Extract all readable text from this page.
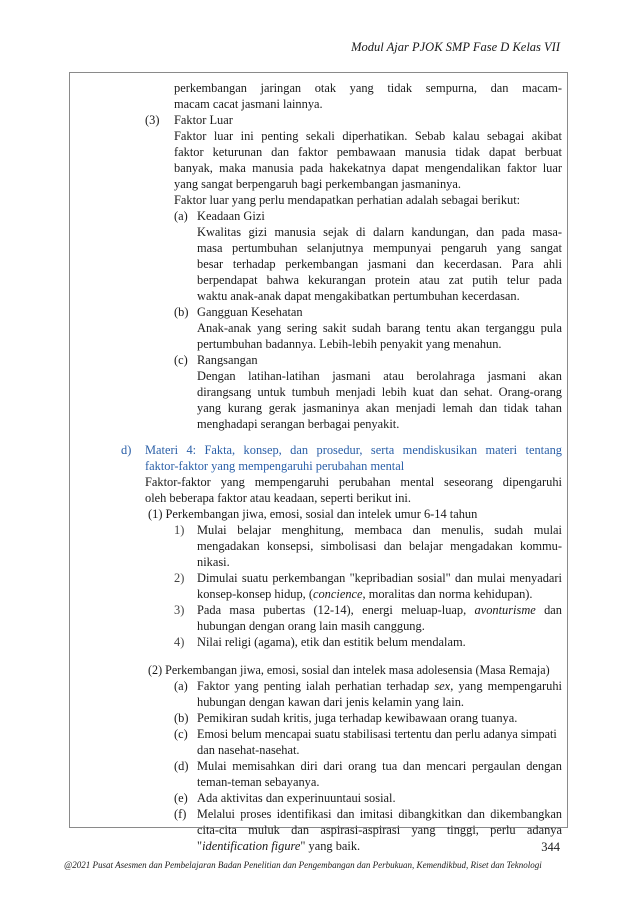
Modul Ajar PJOK SMP Fase D Kelas VII
perkembangan jaringan otak yang tidak sempurna, dan macam-
macam cacat jasmani lainnya.
(3) Faktor Luar
Faktor luar ini penting sekali diperhatikan. Sebab kalau sebagai akibat
faktor keturunan dan faktor pembawaan manusia tidak dapat berbuat
banyak, maka manusia pada hakekatnya dapat mengendalikan faktor luar
yang sangat berpengaruh bagi perkembangan jasmaninya.
Faktor luar yang perlu mendapatkan perhatian adalah sebagai berikut:
(a) Keadaan Gizi
Kwalitas gizi manusia sejak di dalarn kandungan, dan pada masa-
masa pertumbuhan selanjutnya mempunyai pengaruh yang sangat
besar terhadap perkembangan jasmani dan kecerdasan. Para ahli
berpendapat bahwa kekurangan protein atau zat putih telur pada
waktu anak-anak dapat mengakibatkan pertumbuhan kecerdasan.
(b) Gangguan Kesehatan
Anak-anak yang sering sakit sudah barang tentu akan terganggu pula
pertumbuhan badannya. Lebih-lebih penyakit yang menahun.
(c) Rangsangan
Dengan latihan-latihan jasmani atau berolahraga jasmani akan
dirangsang untuk tumbuh menjadi lebih kuat dan sehat. Orang-orang
yang kurang gerak jasmaninya akan menjadi lemah dan tidak tahan
menghadapi serangan berbagai penyakit.
d) Materi 4: Fakta, konsep, dan prosedur, serta mendiskusikan materi tentang
faktor-faktor yang mempengaruhi perubahan mental
Faktor-faktor yang mempengaruhi perubahan mental seseorang dipengaruhi
oleh beberapa faktor atau keadaan, seperti berikut ini.
(1) Perkembangan jiwa, emosi, sosial dan intelek umur 6-14 tahun
1) Mulai belajar menghitung, membaca dan menulis, sudah mulai
mengadakan konsepsi, simbolisasi dan belajar mengadakan kommu-
nikasi.
2) Dimulai suatu perkembangan "kepribadian sosial" dan mulai menyadari
konsep-konsep hidup, (concience, moralitas dan norma kehidupan).
3) Pada masa pubertas (12-14), energi meluap-luap, avonturisme dan
hubungan dengan orang lain masih canggung.
4) Nilai religi (agama), etik dan estitik belum mendalam.
(2) Perkembangan jiwa, emosi, sosial dan intelek masa adolesensia (Masa Remaja)
(a) Faktor yang penting ialah perhatian terhadap sex, yang mempengaruhi
hubungan dengan kawan dari jenis kelamin yang lain.
(b) Pemikiran sudah kritis, juga terhadap kewibawaan orang tuanya.
(c) Emosi belum mencapai suatu stabilisasi tertentu dan perlu adanya simpati
dan nasehat-nasehat.
(d) Mulai memisahkan diri dari orang tua dan mencari pergaulan dengan
teman-teman sebayanya.
(e) Ada aktivitas dan experinuuntaui sosial.
(f) Melalui proses identifikasi dan imitasi dibangkitkan dan dikembangkan
cita-cita muluk dan aspirasi-aspirasi yang tinggi, perlu adanya
"identification figure" yang baik.	344
@2021 Pusat Asesmen dan Pembelajaran Badan Penelitian dan Pengembangan dan Perbukuan, Kemendikbud, Riset dan Teknologi
